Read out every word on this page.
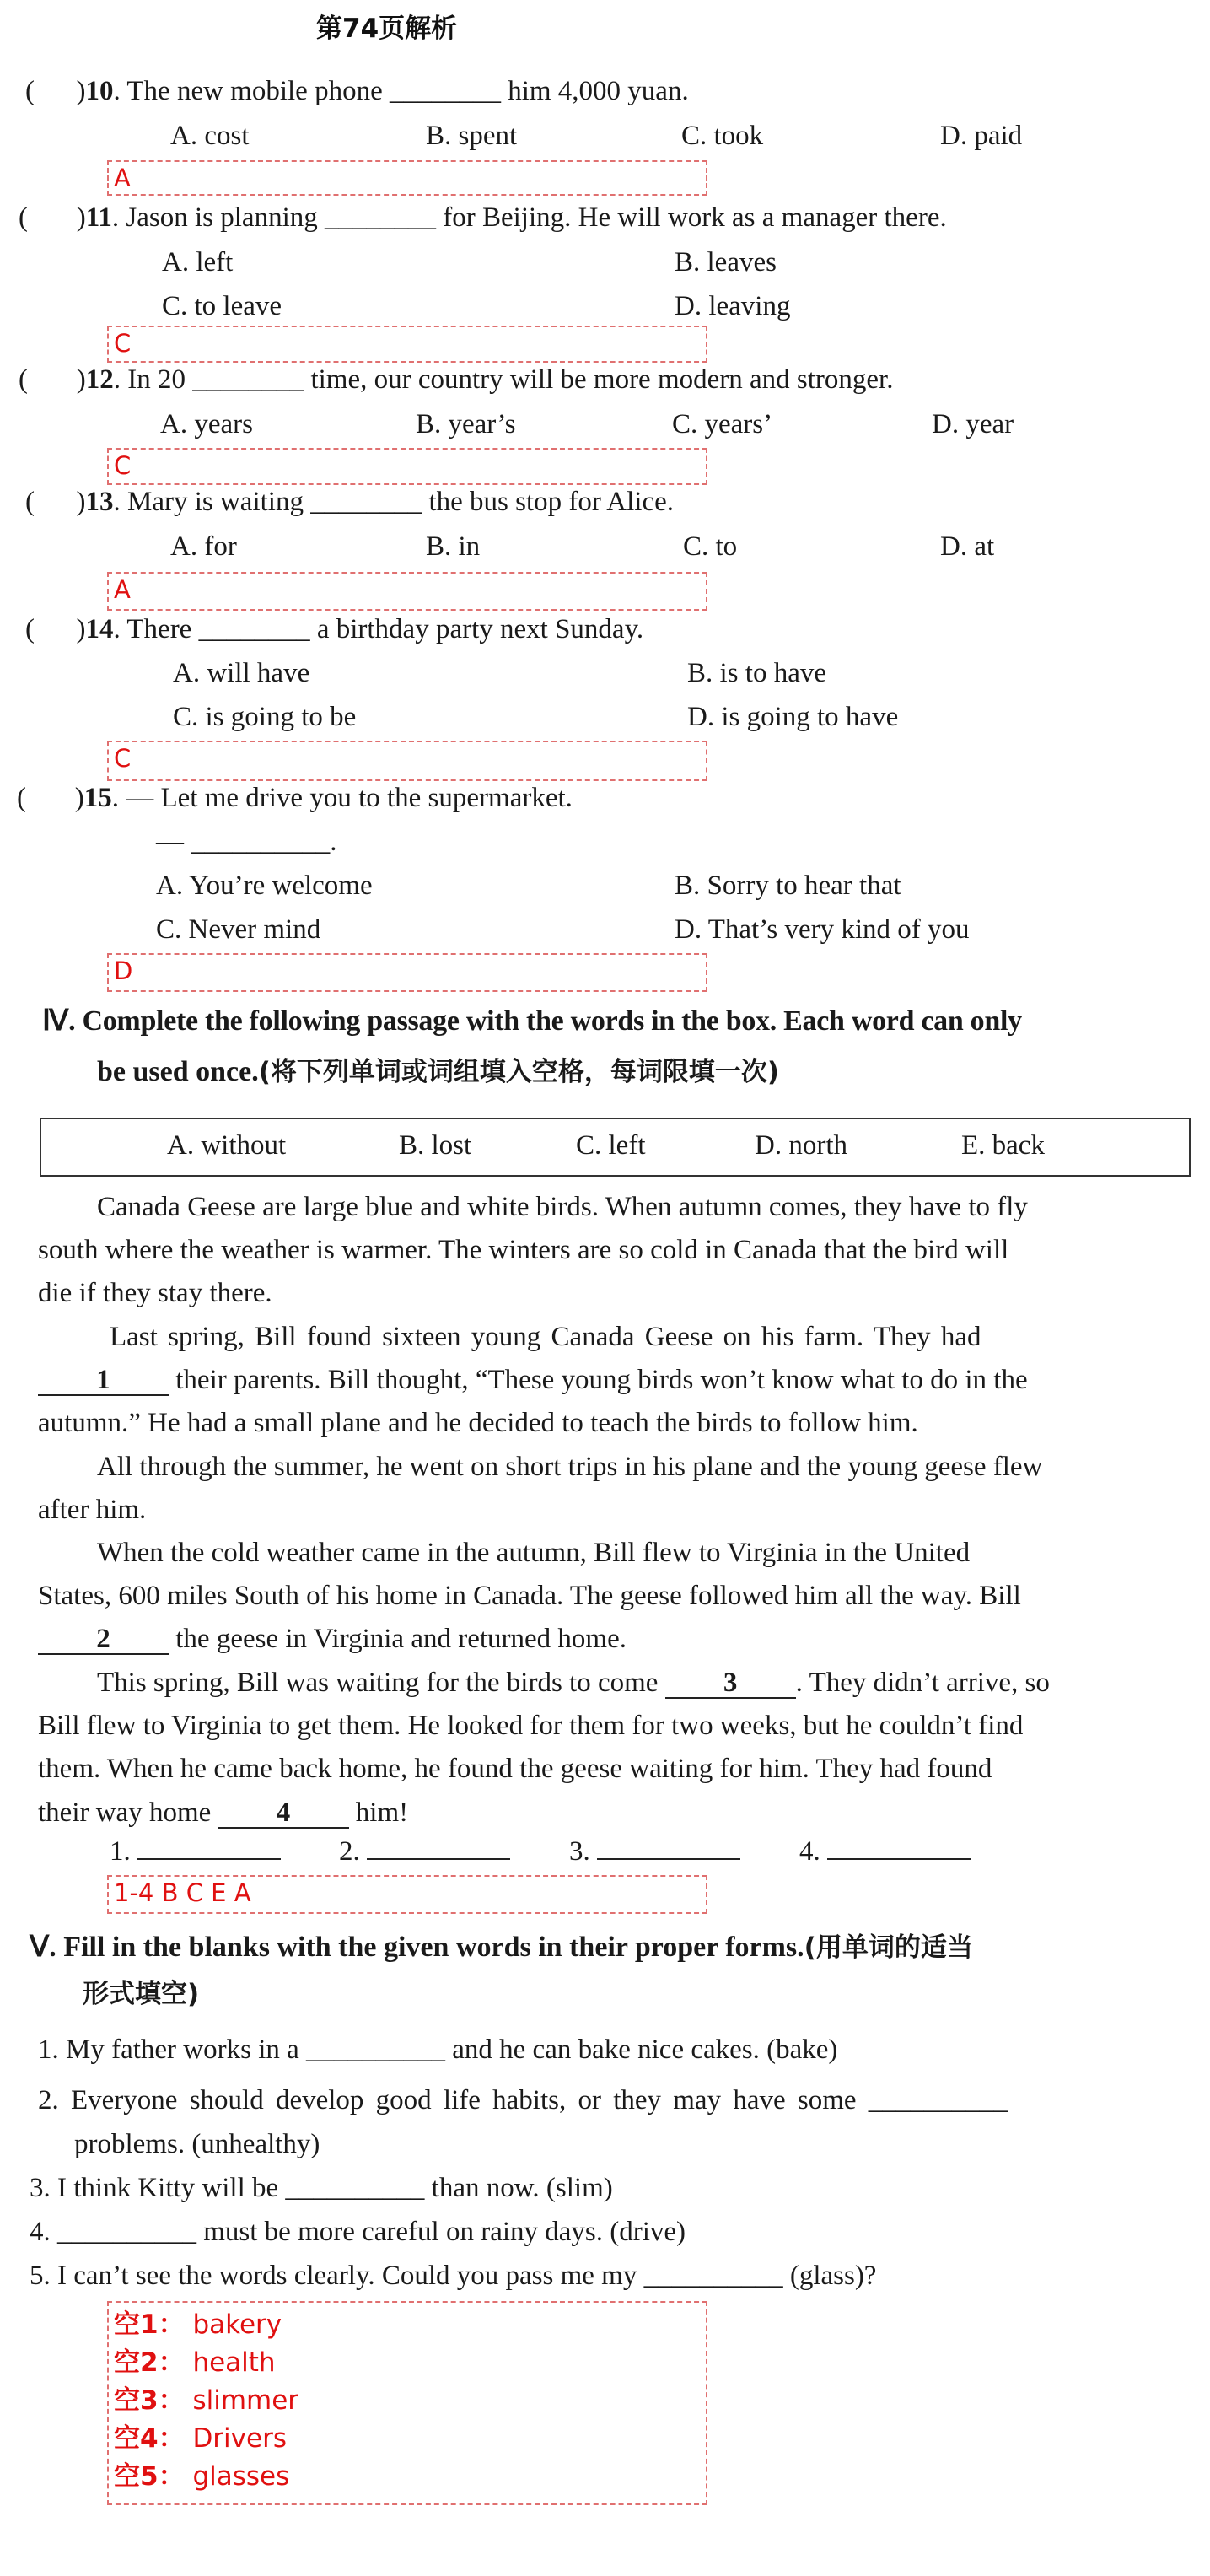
第74页解析
(      )10. The new mobile phone ________ him 4,000 yuan.
A. cost	B. spent	C. took	D. paid
A
(       )11. Jason is planning ________ for Beijing. He will work as a manager there.
A. left	B. leaves
C. to leave	D. leaving
C
(       )12. In 20 ________ time, our country will be more modern and stronger.
A. years	B. year’s	C. years’	D. year
C
(      )13. Mary is waiting ________ the bus stop for Alice.
A. for	B. in	C. to	D. at
A
(      )14. There ________ a birthday party next Sunday.
A. will have	B. is to have
C. is going to be	D. is going to have
C
(       )15. — Let me drive you to the supermarket.
— __________.
A. You’re welcome	B. Sorry to hear that
C. Never mind	D. That’s very kind of you
D
Ⅳ. Complete the following passage with the words in the box. Each word can only
be used once.(将下列单词或词组填入空格，每词限填一次)
A. without	B. lost	C. left	D. north	E. back
Canada Geese are large blue and white birds. When autumn comes, they have to fly
south where the weather is warmer. The winters are so cold in Canada that the bird will
die if they stay there.
Last spring, Bill found sixteen young Canada Geese on his farm. They had
1 their parents. Bill thought, “These young birds won’t know what to do in the
autumn.” He had a small plane and he decided to teach the birds to follow him.
All through the summer, he went on short trips in his plane and the young geese flew
after him.
When the cold weather came in the autumn, Bill flew to Virginia in the United
States, 600 miles South of his home in Canada. The geese followed him all the way. Bill
2 the geese in Virginia and returned home.
This spring, Bill was waiting for the birds to come 3 . They didn’t arrive, so
Bill flew to Virginia to get them. He looked for them for two weeks, but he couldn’t find
them. When he came back home, he found the geese waiting for him. They had found
their way home 4 him!
1.	2.	3.	4.
1-4 B C E A
Ⅴ. Fill in the blanks with the given words in their proper forms.(用单词的适当
形式填空)
1. My father works in a __________ and he can bake nice cakes. (bake)
2. Everyone should develop good life habits, or they may have some __________
problems. (unhealthy)
3. I think Kitty will be __________ than now. (slim)
4. __________ must be more careful on rainy days. (drive)
5. I can’t see the words clearly. Could you pass me my __________ (glass)?
空1： bakery
空2： health
空3： slimmer
空4： Drivers
空5： glasses
